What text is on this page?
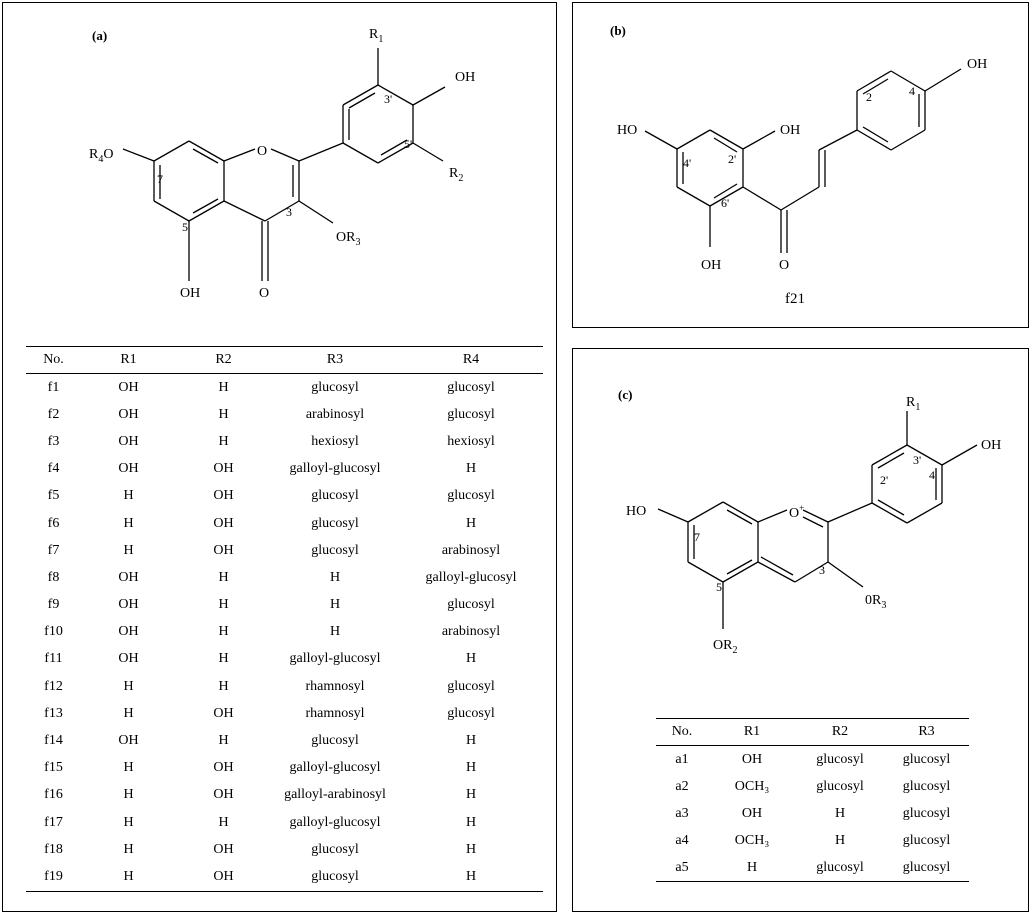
(a)	$R_1$
OH
$R_2$
$R_4O$	O
$OR_3$
OH	O
3'
5'
7
5
3
No.	R1	R2	R3	R4
f1	OH	H	glucosyl	glucosyl
f2	OH	H	arabinosyl	glucosyl
f3	OH	H	hexiosyl	hexiosyl
f4	OH	OH	galloyl-glucosyl	H
f5	H	OH	glucosyl	glucosyl
f6	H	OH	glucosyl	H
f7	H	OH	glucosyl	arabinosyl
f8	OH	H	H	galloyl-glucosyl
f9	OH	H	H	glucosyl
f10	OH	H	H	arabinosyl
f11	OH	H	galloyl-glucosyl	H
f12	H	H	rhamnosyl	glucosyl
f13	H	OH	rhamnosyl	glucosyl
f14	OH	H	glucosyl	H
f15	H	OH	galloyl-glucosyl	H
f16	H	OH	galloyl-arabinosyl	H
f17	H	H	galloyl-glucosyl	H
f18	H	OH	glucosyl	H
f19	H	OH	glucosyl	H
(b)
OH
HO	OH
OH	O
2	4
4'	2'
6'
f21
(c)
$R_1$
OH
HO	O+
$0R_3$
$OR_2$
3'
4'
2'
7
5
3
No.	R1	R2	R3
a1	OH	glucosyl	glucosyl
a2	OCH₃	glucosyl	glucosyl
a3	OH	H	glucosyl
a4	OCH₃	H	glucosyl
a5	H	glucosyl	glucosyl
